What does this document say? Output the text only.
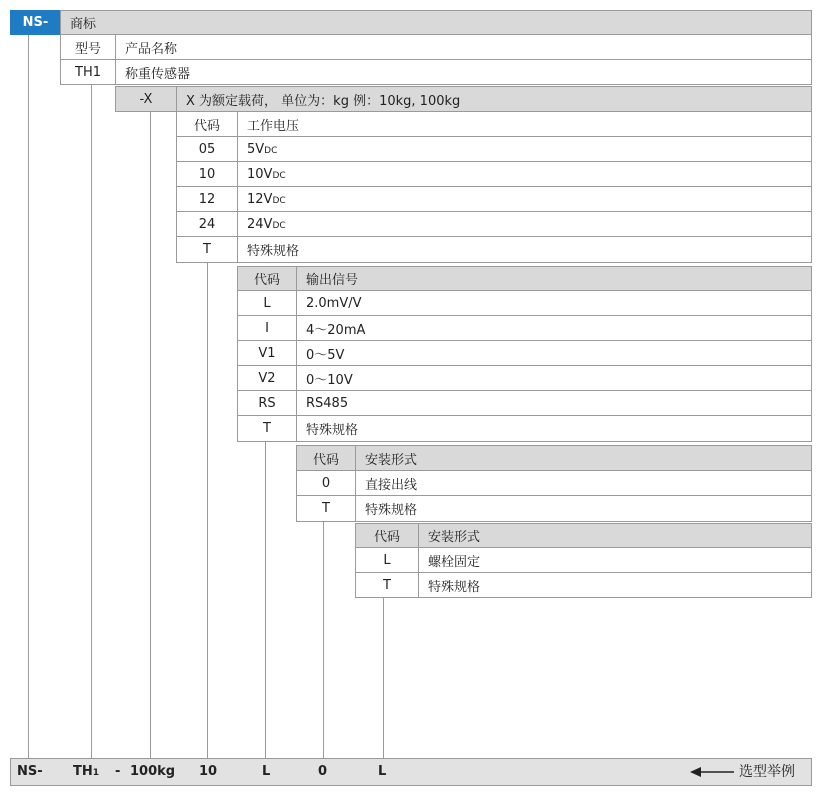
NS- 商标
型号 产品名称
TH1 称重传感器
-X	X 为额定载荷， 单位为：kg 例：10kg, 100kg
代码 工作电压
05 $5V_{DC}$
10 $10V_{DC}$
12 $12V_{DC}$
24 $24V_{DC}$
T	特殊规格
代码 输出信号
L	2.0mV/V
I	4～20mA
V1 0～5V
V2 0～10V
RS RS485
T	特殊规格
代码 安装形式
0	直接出线
T	特殊规格
代码 安装形式
L	螺栓固定
T	特殊规格
NS- TH1 - 100kg 10	L	0	L	选型举例
